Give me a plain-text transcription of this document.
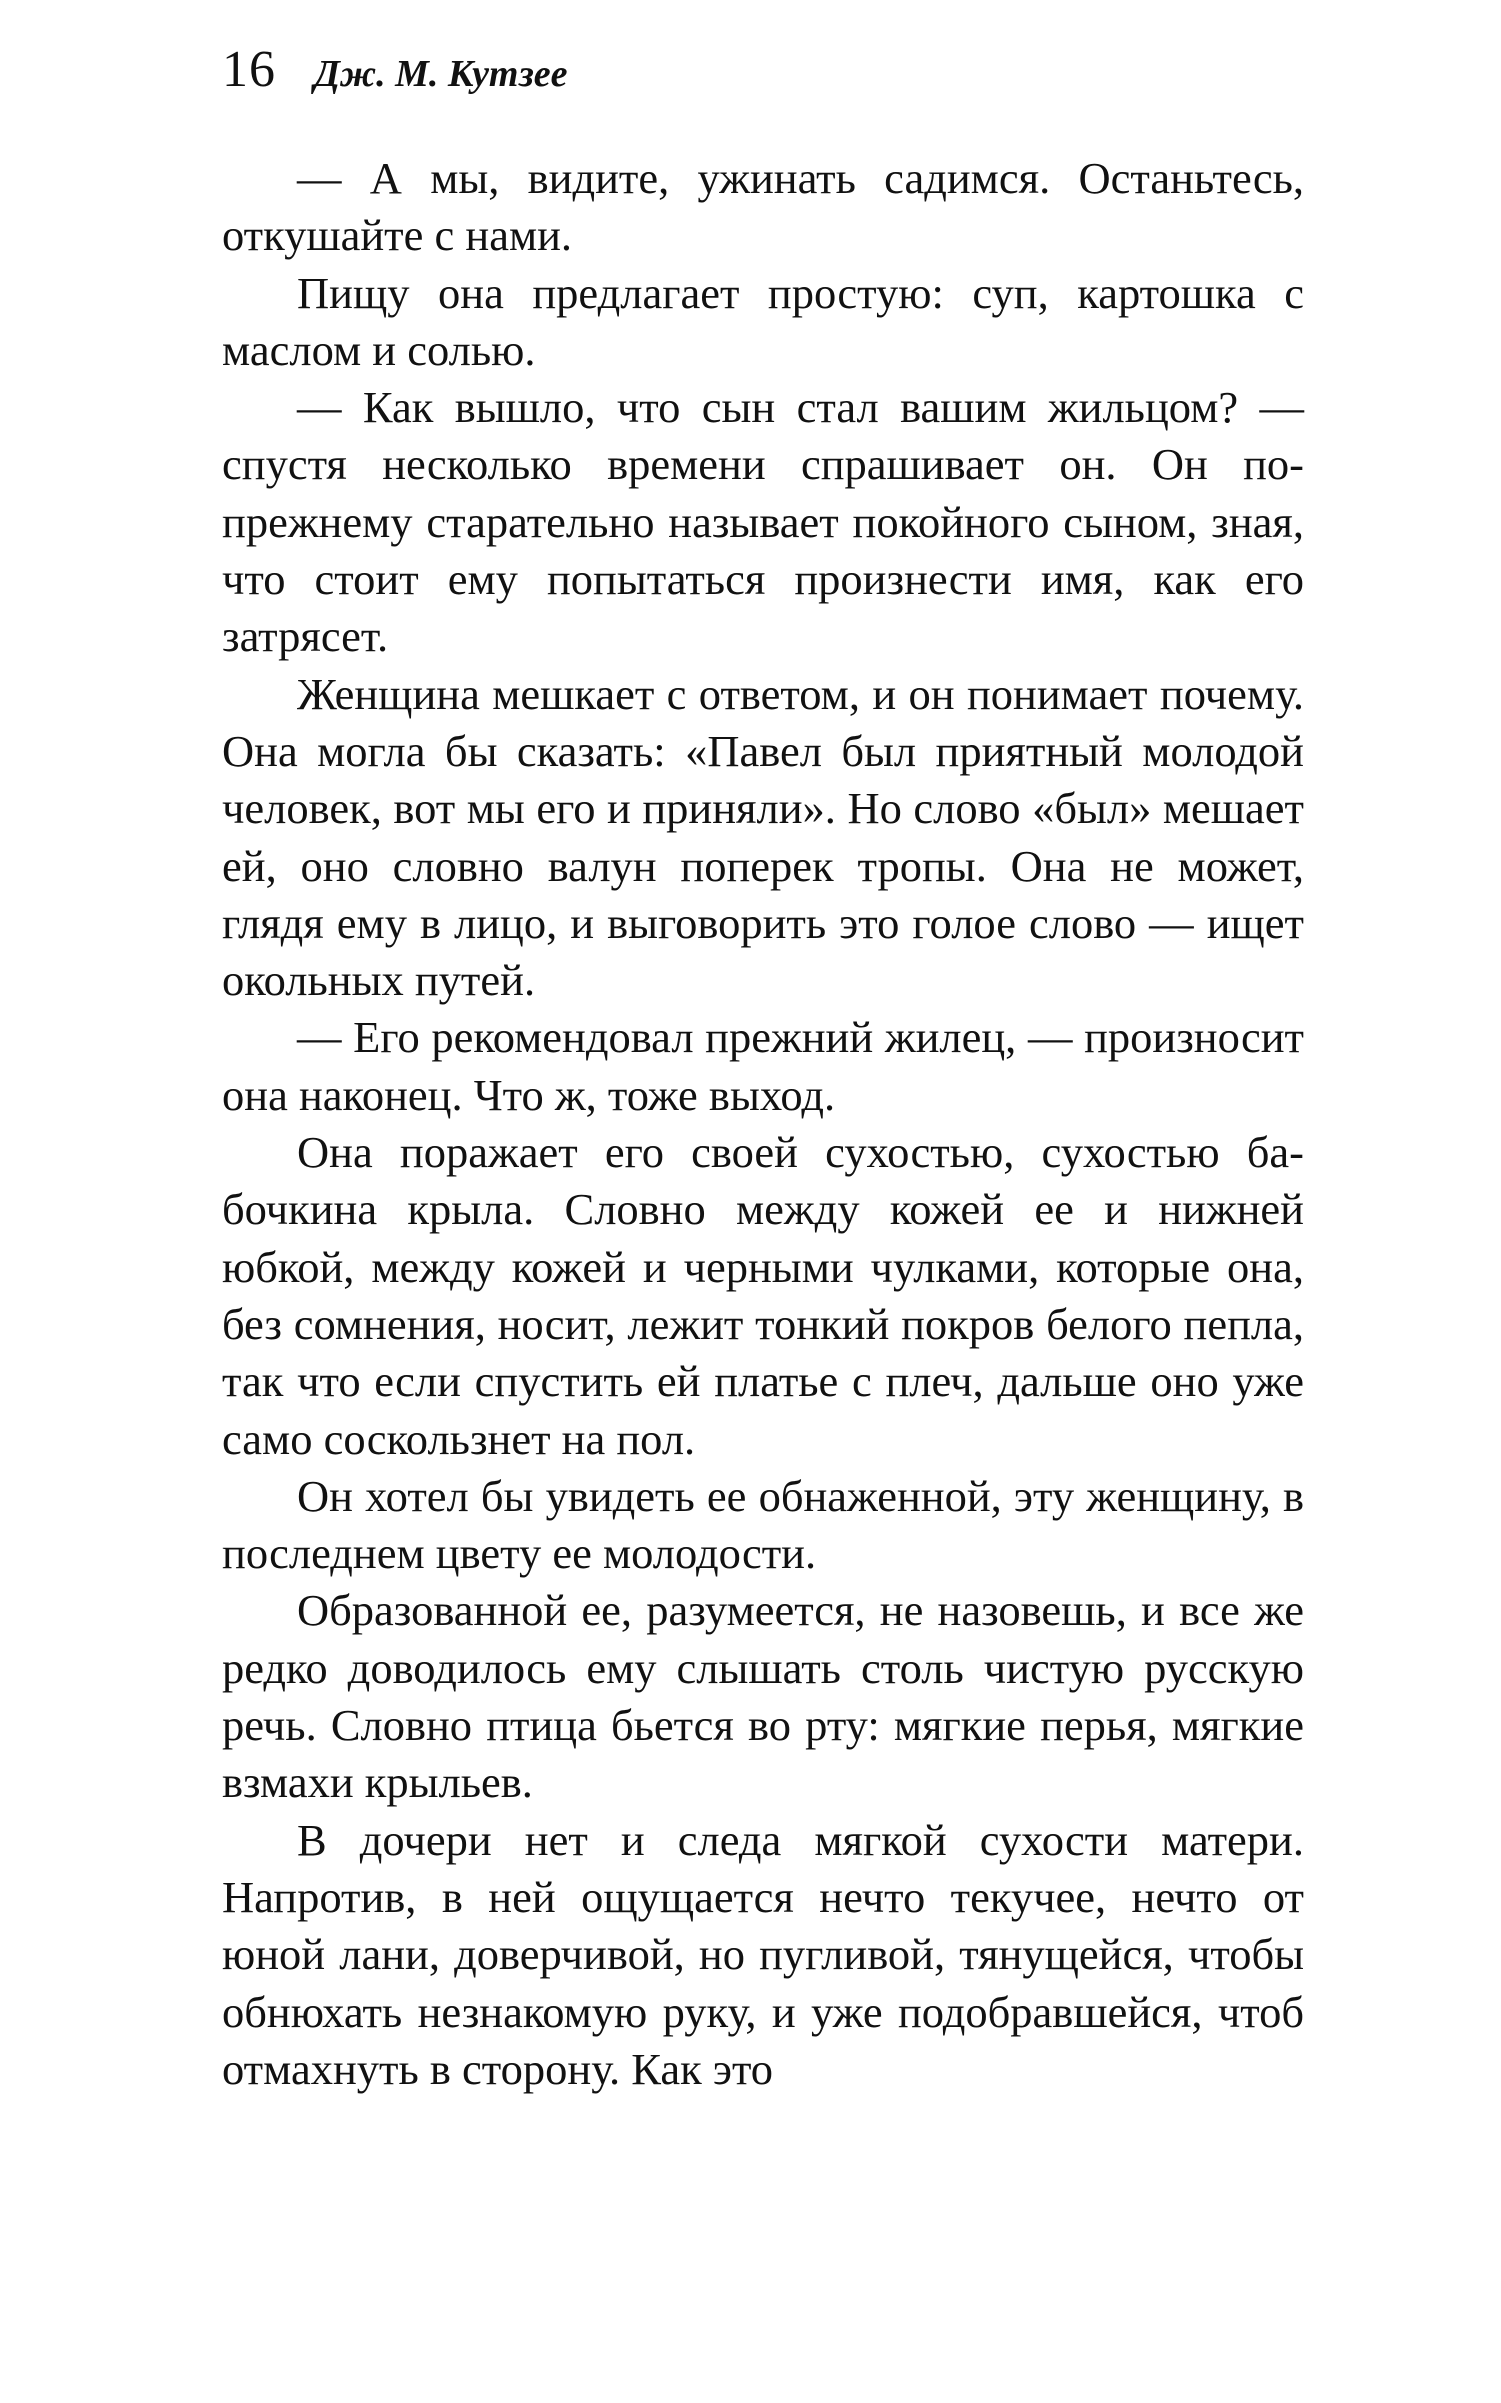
16 Дж. М. Кутзее

— А мы, видите, ужинать садимся. Останьтесь, откушайте с нами.

Пищу она предлагает простую: суп, картошка с маслом и солью.

— Как вышло, что сын стал вашим жильцом? — спустя несколько времени спрашивает он. Он по-прежнему старательно называет покойного сыном, зная, что стоит ему попытаться произнести имя, как его затрясет.

Женщина мешкает с ответом, и он понимает почему. Она могла бы сказать: «Павел был приятный молодой человек, вот мы его и приняли». Но слово «был» мешает ей, оно словно валун поперек тропы. Она не может, глядя ему в лицо, и выговорить это голое слово — ищет окольных путей.

— Его рекомендовал прежний жилец, — произносит она наконец. Что ж, тоже выход.

Она поражает его своей сухостью, сухостью бабочкина крыла. Словно между кожей ее и нижней юбкой, между кожей и черными чулками, которые она, без сомнения, носит, лежит тонкий покров белого пепла, так что если спустить ей платье с плеч, дальше оно уже само соскользнет на пол.

Он хотел бы увидеть ее обнаженной, эту женщину, в последнем цвету ее молодости.

Образованной ее, разумеется, не назовешь, и все же редко доводилось ему слышать столь чистую русскую речь. Словно птица бьется во рту: мягкие перья, мягкие взмахи крыльев.

В дочери нет и следа мягкой сухости матери. Напротив, в ней ощущается нечто текучее, нечто от юной лани, доверчивой, но пугливой, тянущейся, чтобы обнюхать незнакомую руку, и уже подобравшейся, чтоб отмахнуть в сторону. Как это
